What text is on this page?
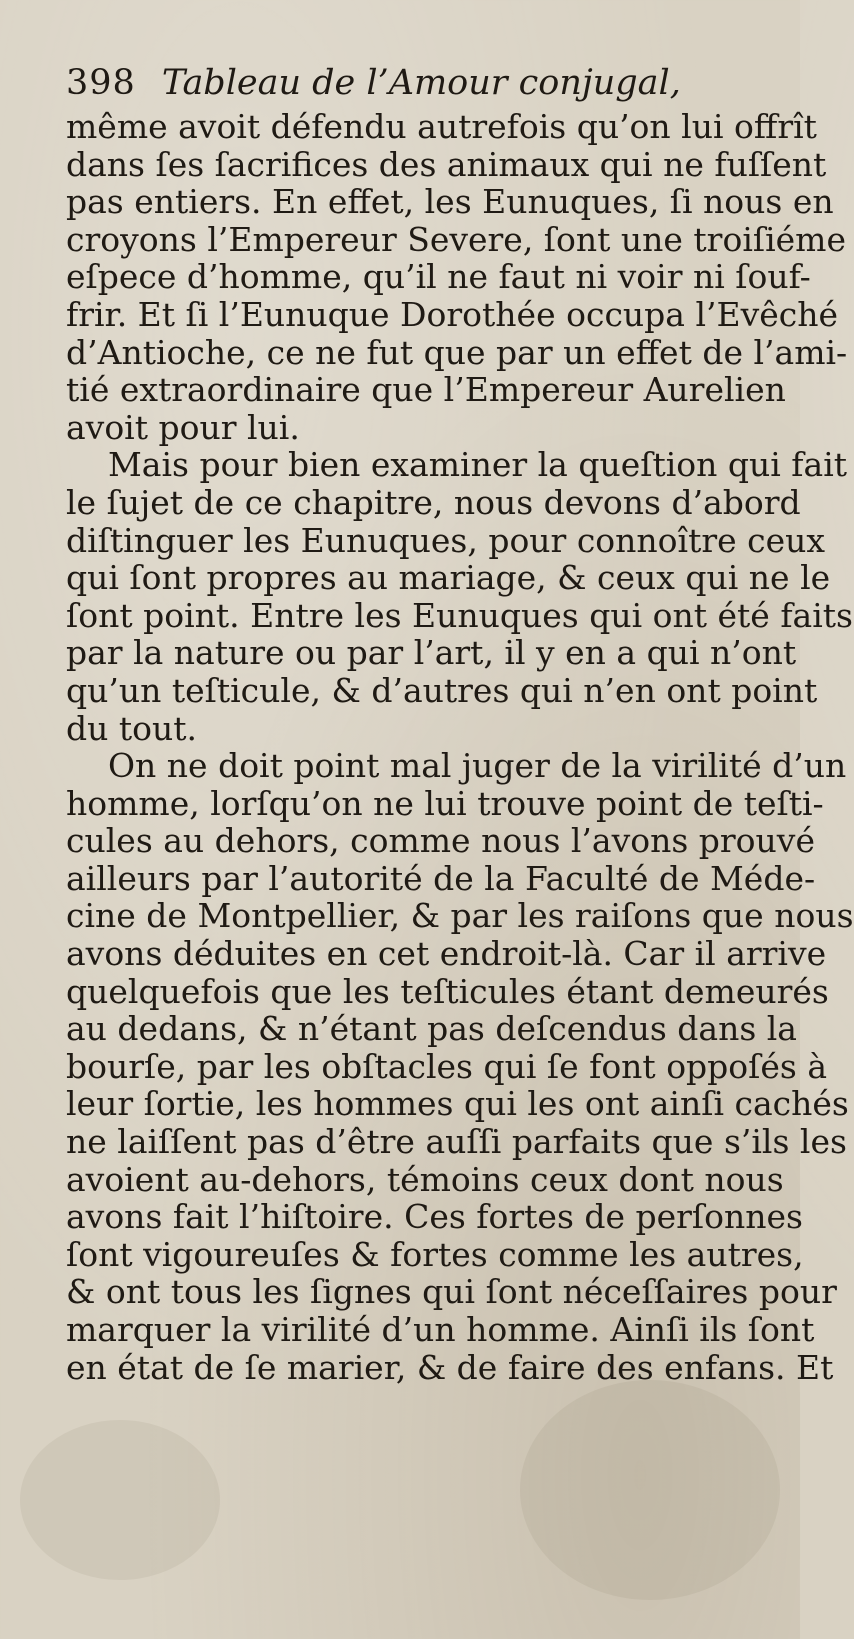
398 Tableau de l’Amour conjugal,
même avoit défendu autrefois qu’on lui offrît
dans ſes ſacrifices des animaux qui ne fuſſent
pas entiers. En effet, les Eunuques, ſi nous en
croyons l’Empereur Severe, ſont une troiſiéme
eſpece d’homme, qu’il ne faut ni voir ni ſouf-
frir. Et ſi l’Eunuque Dorothée occupa l’Evêché
d’Antioche, ce ne fut que par un effet de l’ami-
tié extraordinaire que l’Empereur Aurelien
avoit pour lui.
Mais pour bien examiner la queſtion qui fait
le ſujet de ce chapitre, nous devons d’abord
diſtinguer les Eunuques, pour connoître ceux
qui ſont propres au mariage, & ceux qui ne le
ſont point. Entre les Eunuques qui ont été faits
par la nature ou par l’art, il y en a qui n’ont
qu’un teſticule, & d’autres qui n’en ont point
du tout.
On ne doit point mal juger de la virilité d’un
homme, lorſqu’on ne lui trouve point de teſti-
cules au dehors, comme nous l’avons prouvé
ailleurs par l’autorité de la Faculté de Méde-
cine de Montpellier, & par les raiſons que nous
avons déduites en cet endroit-là. Car il arrive
quelquefois que les teſticules étant demeurés
au dedans, & n’étant pas deſcendus dans la
bourſe, par les obſtacles qui ſe font oppoſés à
leur ſortie, les hommes qui les ont ainſi cachés
ne laiſſent pas d’être auſſi parfaits que s’ils les
avoient au-dehors, témoins ceux dont nous
avons fait l’hiſtoire. Ces fortes de perſonnes
ſont vigoureuſes & fortes comme les autres,
& ont tous les ſignes qui ſont néceſſaires pour
marquer la virilité d’un homme. Ainſi ils ſont
en état de ſe marier, & de faire des enfans. Et
